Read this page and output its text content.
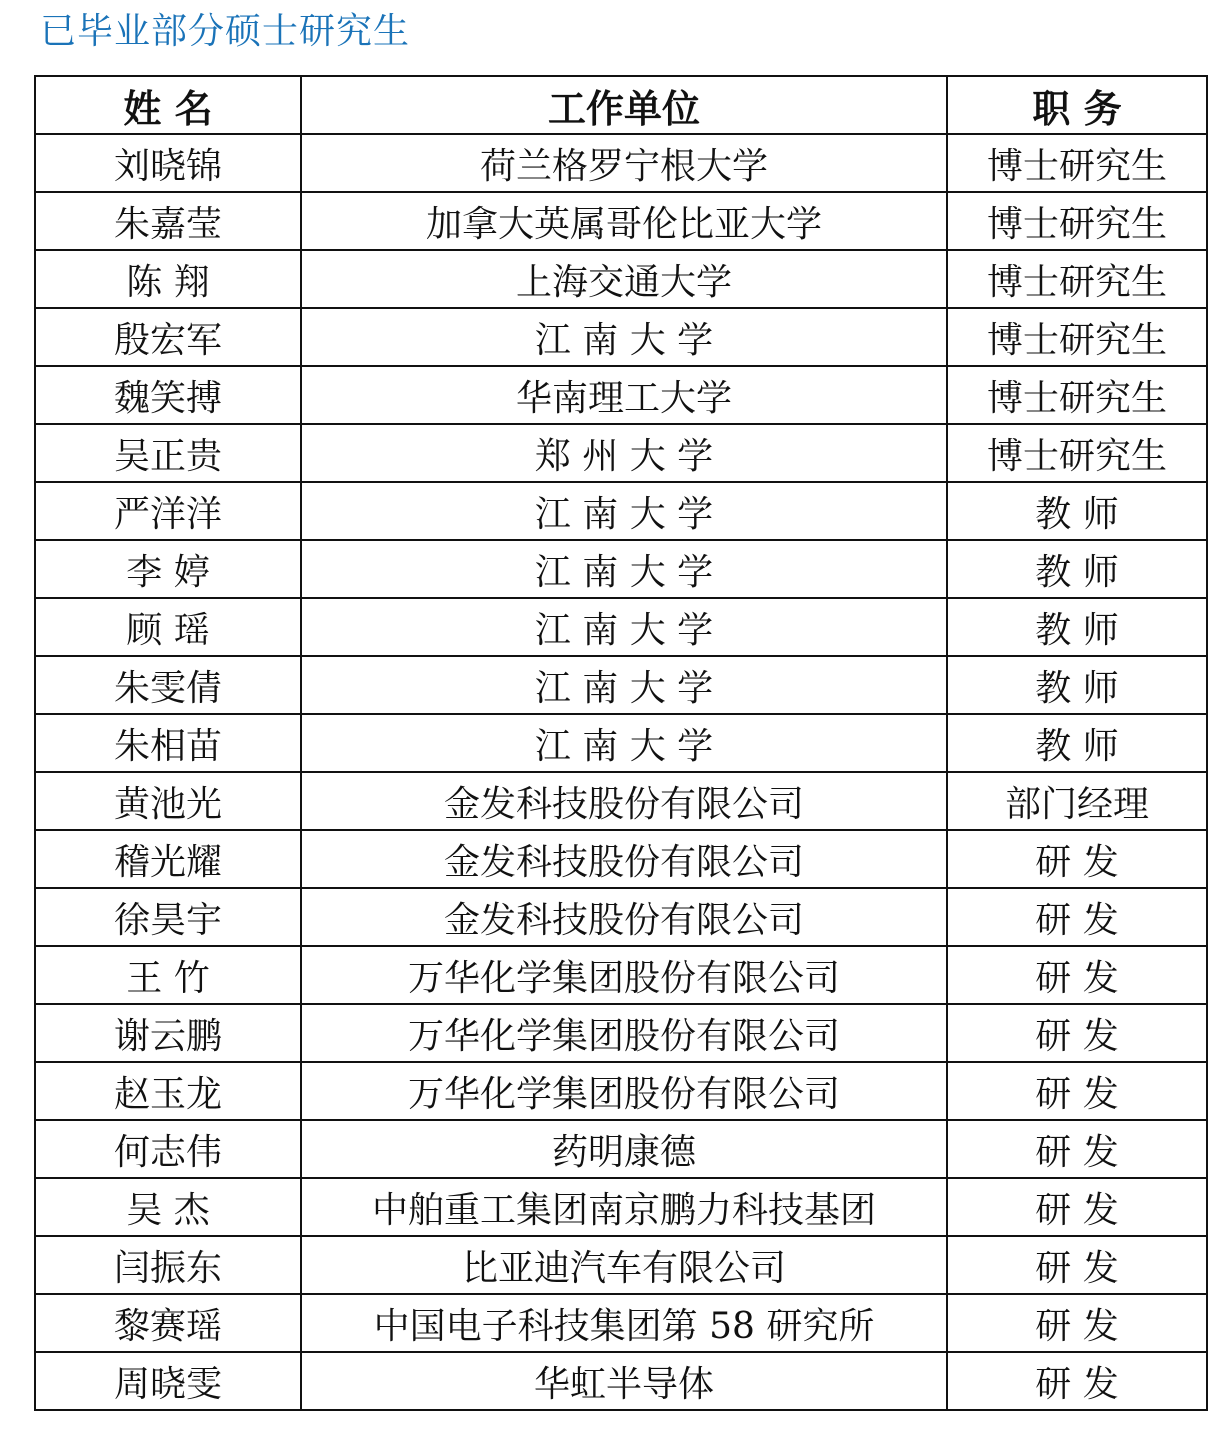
已毕业部分硕士研究生
姓 名	工作单位	职 务
刘晓锦	荷兰格罗宁根大学	博士研究生
朱嘉莹	加拿大英属哥伦比亚大学	博士研究生
陈 翔	上海交通大学	博士研究生
殷宏军	江 南 大 学	博士研究生
魏笑搏	华南理工大学	博士研究生
吴正贵	郑 州 大 学	博士研究生
严洋洋	江 南 大 学	教 师
李 婷	江 南 大 学	教 师
顾 瑶	江 南 大 学	教 师
朱雯倩	江 南 大 学	教 师
朱相苗	江 南 大 学	教 师
黄池光	金发科技股份有限公司	部门经理
稽光耀	金发科技股份有限公司	研 发
徐昊宇	金发科技股份有限公司	研 发
王 竹	万华化学集团股份有限公司	研 发
谢云鹏	万华化学集团股份有限公司	研 发
赵玉龙	万华化学集团股份有限公司	研 发
何志伟	药明康德	研 发
吴 杰	中舶重工集团南京鹏力科技基团	研 发
闫振东	比亚迪汽车有限公司	研 发
黎赛瑶	中国电子科技集团第 58 研究所	研 发
周晓雯	华虹半导体	研 发
